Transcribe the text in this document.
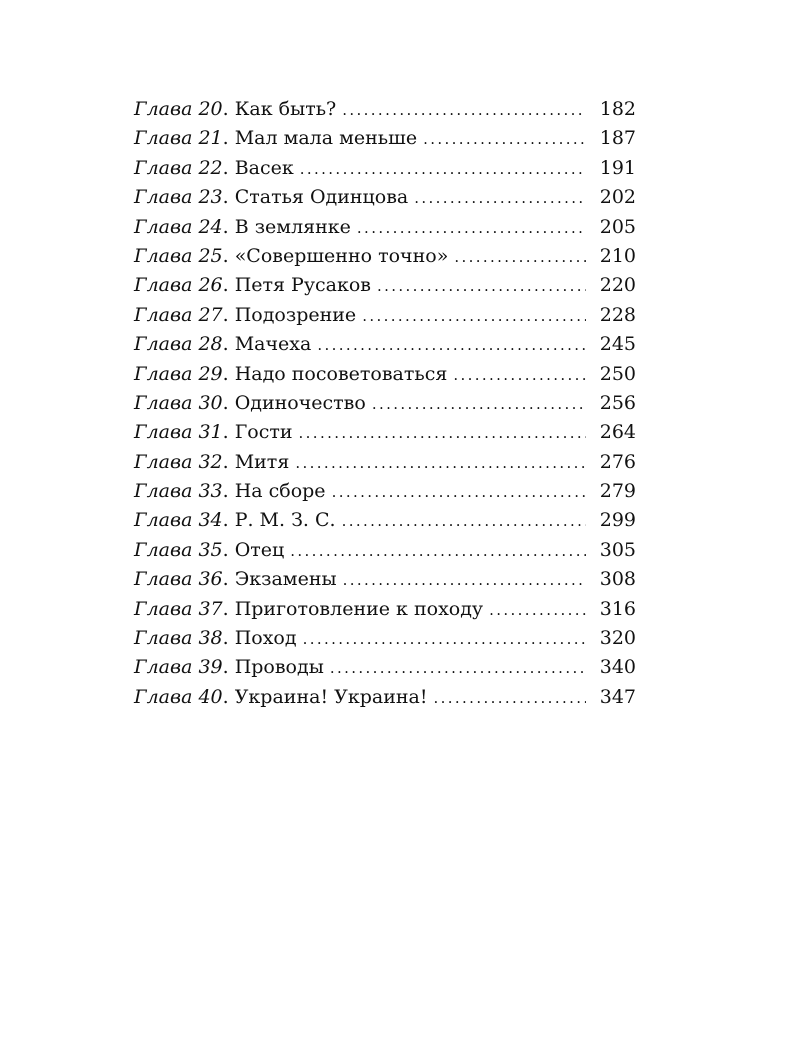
Глава 20 . Как быть? . . .	182
Глава 21 . Мал мала меньше . . .	187
Глава 22 . Васек . . .	191
Глава 23 . Статья Одинцова . . .	202
Глава 24 . В землянке . . .	205
Глава 25 . «Совершенно точно» . . .	210
Глава 26 . Петя Русаков . . .	220
Глава 27 . Подозрение . . .	228
Глава 28 . Мачеха . . .	245
Глава 29 . Надо посоветоваться . . .	250
Глава 30 . Одиночество . . .	256
Глава 31 . Гости . . .	264
Глава 32 . Митя . . .	276
Глава 33 . На сборе . . .	279
Глава 34 . Р. М. З. С. . . .	299
Глава 35 . Отец . . .	305
Глава 36 . Экзамены . . .	308
Глава 37 . Приготовление к походу . . .	316
Глава 38 . Поход . . .	320
Глава 39 . Проводы . . .	340
Глава 40 . Украина! Украина! . . .	347
